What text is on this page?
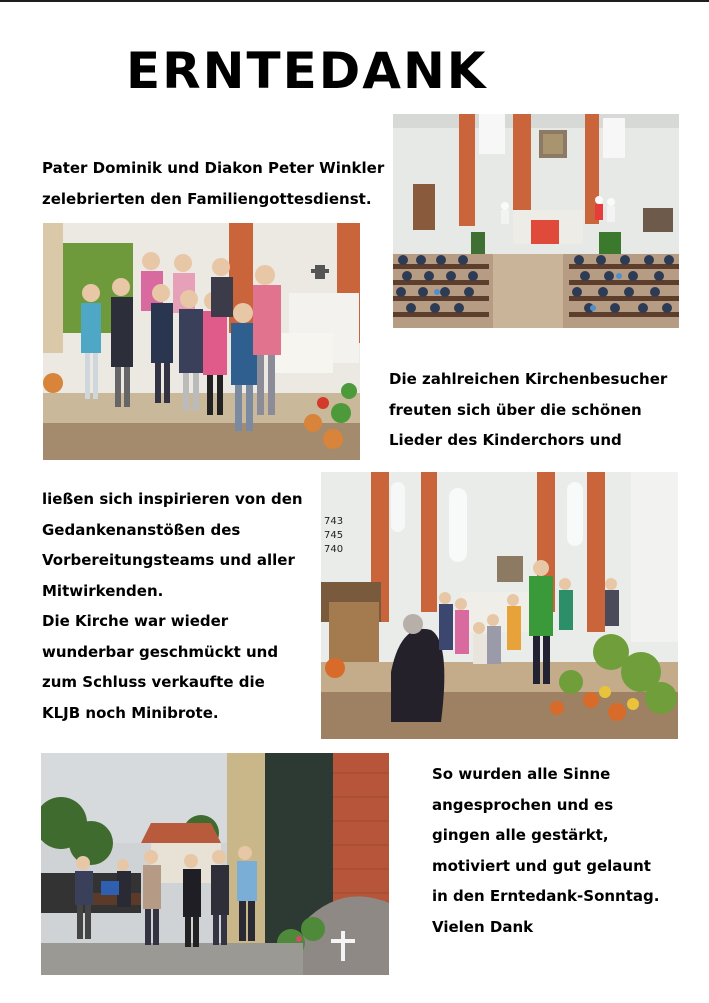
ERNTEDANK
Pater Dominik und Diakon Peter Winkler
zelebrierten den Familiengottesdienst.
Die zahlreichen Kirchenbesucher
freuten sich über die schönen
Lieder des Kinderchors und
ließen sich inspirieren von den
Gedankenanstößen des
Vorbereitungsteams und aller
Mitwirkenden.
Die Kirche war wieder
wunderbar geschmückt und
zum Schluss verkaufte die
KLJB noch Minibrote.
743
745
740
So wurden alle Sinne
angesprochen und es
gingen alle gestärkt,
motiviert und gut gelaunt
in den Erntedank-Sonntag.
Vielen Dank
